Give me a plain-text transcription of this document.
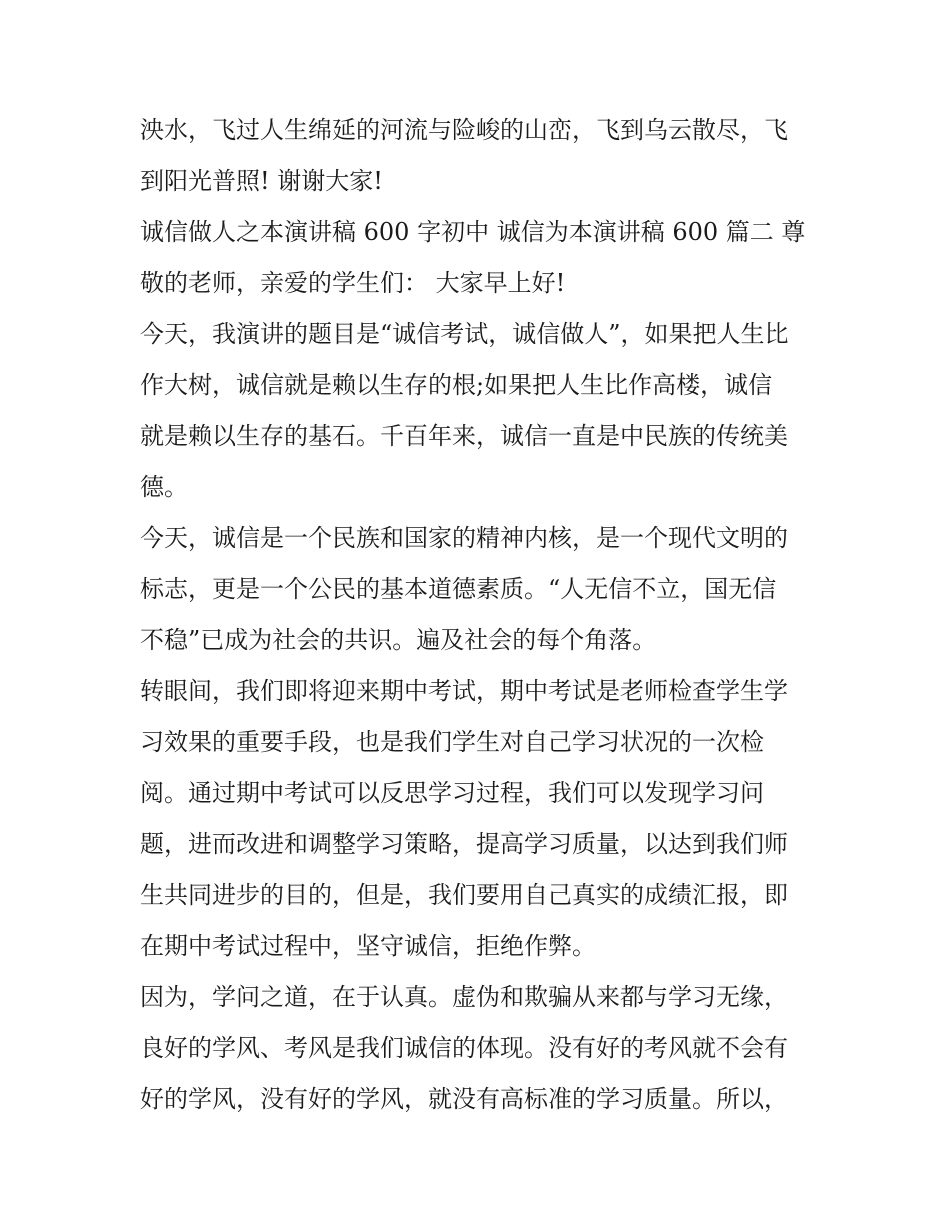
泱水，飞过人生绵延的河流与险峻的山峦，飞到乌云散尽，飞
到阳光普照! 谢谢大家!
诚信做人之本演讲稿 600 字初中 诚信为本演讲稿 600 篇二 尊
敬的老师，亲爱的学生们： 大家早上好!
今天，我演讲的题目是“诚信考试，诚信做人”，如果把人生比
作大树，诚信就是赖以生存的根;如果把人生比作高楼，诚信
就是赖以生存的基石。千百年来，诚信一直是中民族的传统美
德。
今天，诚信是一个民族和国家的精神内核，是一个现代文明的
标志，更是一个公民的基本道德素质。“人无信不立，国无信
不稳”已成为社会的共识。遍及社会的每个角落。
转眼间，我们即将迎来期中考试，期中考试是老师检查学生学
习效果的重要手段，也是我们学生对自己学习状况的一次检
阅。通过期中考试可以反思学习过程，我们可以发现学习问
题，进而改进和调整学习策略，提高学习质量，以达到我们师
生共同进步的目的，但是，我们要用自己真实的成绩汇报，即
在期中考试过程中，坚守诚信，拒绝作弊。
因为，学问之道，在于认真。虚伪和欺骗从来都与学习无缘，
良好的学风、考风是我们诚信的体现。没有好的考风就不会有
好的学风，没有好的学风，就没有高标准的学习质量。所以，
